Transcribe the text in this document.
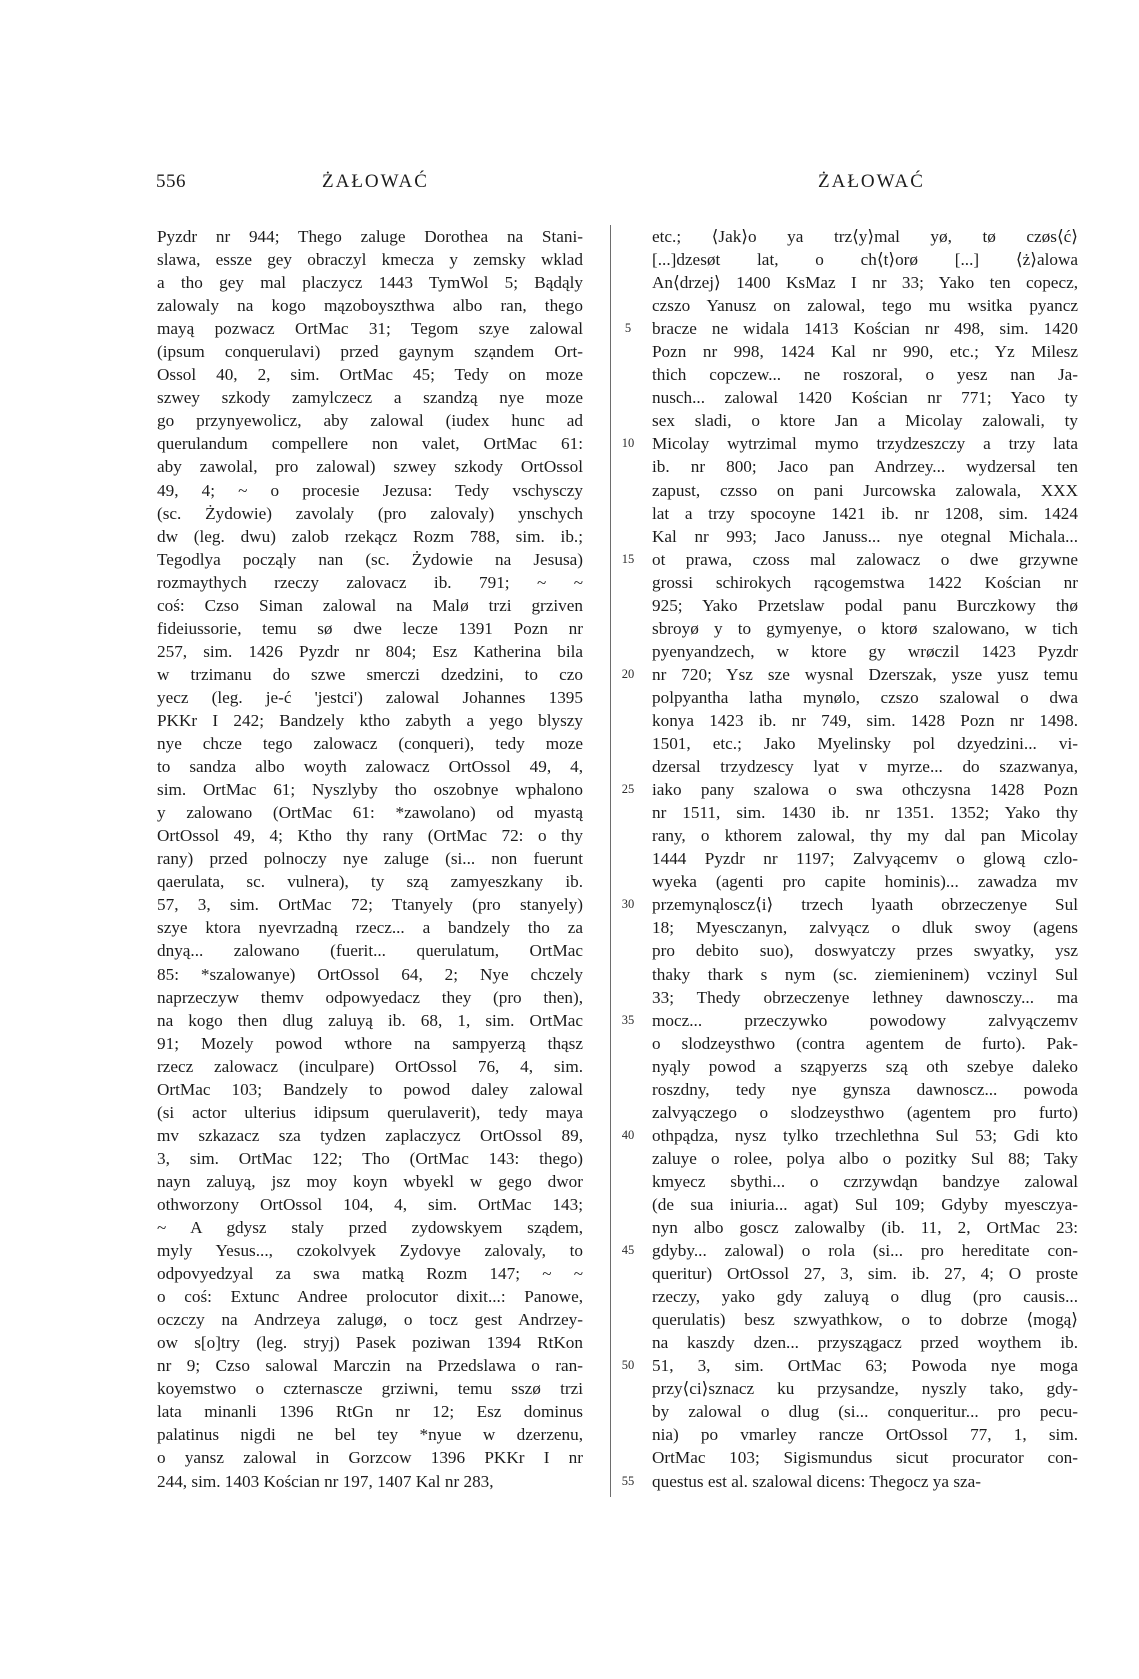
556	ŻAŁOWAĆ	ŻAŁOWAĆ
Pyzdr nr 944; Thego zaluge Dorothea na Stani-
slawa, essze gey obraczyl kmecza y zemsky wklad
a tho gey mal placzycz 1443 TymWol 5; Bądąly
zalowaly na kogo mązoboyszthwa albo ran, thego
mayą pozwacz OrtMac 31; Tegom szye zalowal
(ipsum conquerulavi) przed gaynym szạndem Ort-
Ossol 40, 2, sim. OrtMac 45; Tedy on moze
szwey szkody zamylczecz a szandzą nye moze
go przynyewolicz, aby zalowal (iudex hunc ad
querulandum compellere non valet, OrtMac 61:
aby zawolal, pro zalowal) szwey szkody OrtOssol
49, 4; ~ o procesie Jezusa: Tedy vschysczy
(sc. Żydowie) zavolaly (pro zalovaly) ynschych
dw (leg. dwu) zalob rzekącz Rozm 788, sim. ib.;
Tegodlya począly nan (sc. Żydowie na Jesusa)
rozmaythych rzeczy zalovacz ib. 791; ~ ~
coś: Czso Siman zalowal na Malø trzi grziven
fideiussorie, temu sø dwe lecze 1391 Pozn nr
257, sim. 1426 Pyzdr nr 804; Esz Katherina bila
w trzimanu do szwe smerczi dzedzini, to czo
yecz (leg. je-ć 'jestci') zalowal Johannes 1395
PKKr I 242; Bandzely ktho zabyth a yego blyszy
nye chcze tego zalowacz (conqueri), tedy moze
to sandza albo woyth zalowacz OrtOssol 49, 4,
sim. OrtMac 61; Nyszlyby tho oszobnye wphalono
y zalowano (OrtMac 61: *zawolano) od myastą
OrtOssol 49, 4; Ktho thy rany (OrtMac 72: o thy
rany) przed polnoczy nye zaluge (si... non fuerunt
qaerulata, sc. vulnera), ty szą zamyeszkany ib.
57, 3, sim. OrtMac 72; Ttanyely (pro stanyely)
szye ktora nyevrzadną rzecz... a bandzely tho za
dnyą... zalowano (fuerit... querulatum, OrtMac
85: *szalowanye) OrtOssol 64, 2; Nye chczely
naprzeczyw themv odpowyedacz they (pro then),
na kogo then dlug zaluyą ib. 68, 1, sim. OrtMac
91; Mozely powod wthore na sampyerzą thąsz
rzecz zalowacz (inculpare) OrtOssol 76, 4, sim.
OrtMac 103; Bandzely to powod daley zalowal
(si actor ulterius idipsum querulaverit), tedy maya
mv szkazacz sza tydzen zaplaczycz OrtOssol 89,
3, sim. OrtMac 122; Tho (OrtMac 143: thego)
nayn zaluyą, jsz moy koyn wbyekl w gego dwor
othworzony OrtOssol 104, 4, sim. OrtMac 143;
~ A gdysz staly przed zydowskyem sządem,
myly Yesus..., czokolvyek Zydovye zalovaly, to
odpovyedzyal za swa matką Rozm 147; ~ ~
o coś: Extunc Andree prolocutor dixit...: Panowe,
oczczy na Andrzeya zalugø, o tocz gest Andrzey-
ow s[o]try (leg. stryj) Pasek poziwan 1394 RtKon
nr 9; Czso salowal Marczin na Przedslawa o ran-
koyemstwo o czternascze grziwni, temu sszø trzi
lata minanli 1396 RtGn nr 12; Esz dominus
palatinus nigdi ne bel tey *nyue w dzerzenu,
o yansz zalowal in Gorzcow 1396 PKKr I nr
244, sim. 1403 Kościan nr 197, 1407 Kal nr 283,
5
10
15
20
25
30
35
40
45
50
55
etc.; ⟨Jak⟩o ya trz⟨y⟩mal yø, tø czøs⟨ć⟩
[...]dzesøt lat, o ch⟨t⟩orø [...] ⟨ż⟩alowa
An⟨drzej⟩ 1400 KsMaz I nr 33; Yako ten copecz,
czszo Yanusz on zalowal, tego mu wsitka pyancz
bracze ne widala 1413 Kościan nr 498, sim. 1420
Pozn nr 998, 1424 Kal nr 990, etc.; Yz Milesz
thich copczew... ne roszoral, o yesz nan Ja-
nusch... zalowal 1420 Kościan nr 771; Yaco ty
sex sladi, o ktore Jan a Micolay zalowali, ty
Micolay wytrzimal mymo trzydzeszczy a trzy lata
ib. nr 800; Jaco pan Andrzey... wydzersal ten
zapust, czsso on pani Jurcowska zalowala, XXX
lat a trzy spocoyne 1421 ib. nr 1208, sim. 1424
Kal nr 993; Jaco Januss... nye otegnal Michala...
ot prawa, czoss mal zalowacz o dwe grzywne
grossi schirokych rącogemstwa 1422 Kościan nr
925; Yako Przetslaw podal panu Burczkowy thø
sbroyø y to gymyenye, o ktorø szalowano, w tich
pyenyandzech, w ktore gy wrøczil 1423 Pyzdr
nr 720; Ysz sze wysnal Dzerszak, ysze yusz temu
polpyantha latha mynølo, czszo szalowal o dwa
konya 1423 ib. nr 749, sim. 1428 Pozn nr 1498.
1501, etc.; Jako Myelinsky pol dzyedzini... vi-
dzersal trzydzescy lyat v myrze... do szazwanya,
iako pany szalowa o swa othczysna 1428 Pozn
nr 1511, sim. 1430 ib. nr 1351. 1352; Yako thy
rany, o kthorem zalowal, thy my dal pan Micolay
1444 Pyzdr nr 1197; Zalvyącemv o glową czlo-
wyeka (agenti pro capite hominis)... zawadza mv
przemynąloscz⟨i⟩ trzech lyaath obrzeczenye Sul
18; Myesczanyn, zalvyącz o dluk swoy (agens
pro debito suo), doswyatczy przes swyatky, ysz
thaky thark s nym (sc. ziemieninem) vczinyl Sul
33; Thedy obrzeczenye lethney dawnosczy... ma
mocz... przeczywko powodowy zalvyączemv
o slodzeysthwo (contra agentem de furto). Pak-
nyąly powod a sząpyerzs szą oth szebye daleko
roszdny, tedy nye gynsza dawnoscz... powoda
zalvyączego o slodzeysthwo (agentem pro furto)
othpądza, nysz tylko trzechlethna Sul 53; Gdi kto
zaluye o rolee, polya albo o pozitky Sul 88; Taky
kmyecz sbythi... o czrzywdąn bandzye zalowal
(de sua iniuria... agat) Sul 109; Gdyby myesczya-
nyn albo goscz zalowalby (ib. 11, 2, OrtMac 23:
gdyby... zalowal) o rola (si... pro hereditate con-
queritur) OrtOssol 27, 3, sim. ib. 27, 4; O proste
rzeczy, yako gdy zaluyą o dlug (pro causis...
querulatis) besz szwyathkow, o to dobrze ⟨mogą⟩
na kaszdy dzen... przyszągacz przed woythem ib.
51, 3, sim. OrtMac 63; Powoda nye moga
przy⟨ci⟩sznacz ku przysandze, nyszly tako, gdy-
by zalowal o dlug (si... conqueritur... pro pecu-
nia) po vmarley rancze OrtOssol 77, 1, sim.
OrtMac 103; Sigismundus sicut procurator con-
questus est al. szalowal dicens: Thegocz ya sza-
